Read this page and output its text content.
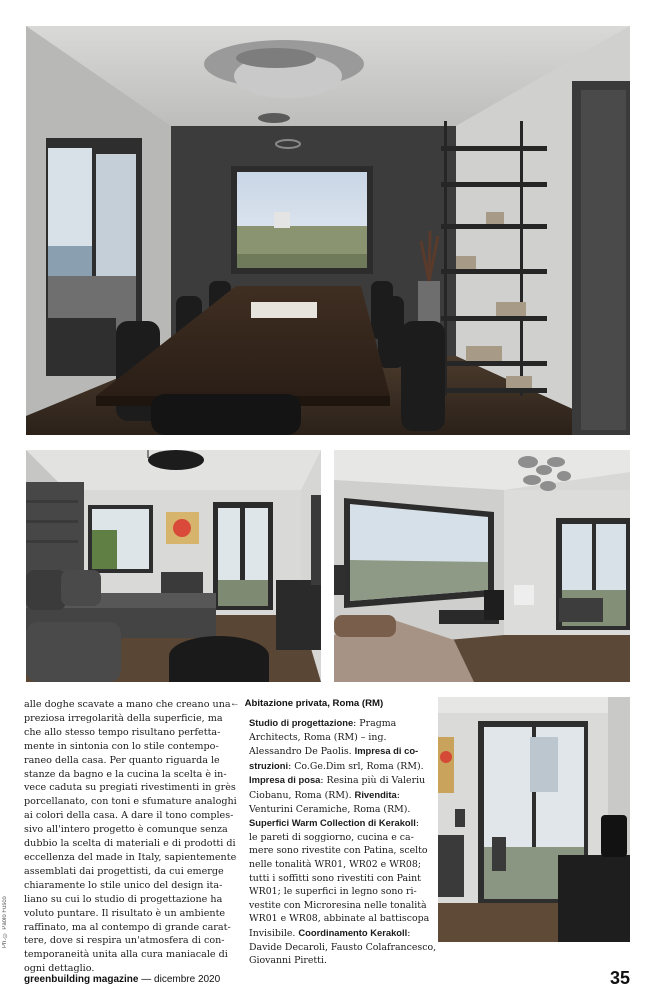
Ph. © Paolo Fusco
alle doghe scavate a mano che creano una
preziosa irregolarità della superficie, ma
che allo stesso tempo risultano perfetta-
mente in sintonia con lo stile contempo-
raneo della casa. Per quanto riguarda le
stanze da bagno e la cucina la scelta è in-
vece caduta su pregiati rivestimenti in grès
porcellanato, con toni e sfumature analoghi
ai colori della casa. A dare il tono comples-
sivo all'intero progetto è comunque senza
dubbio la scelta di materiali e di prodotti di
eccellenza del made in Italy, sapientemente
assemblati dai progettisti, da cui emerge
chiaramente lo stile unico del design ita-
liano su cui lo studio di progettazione ha
voluto puntare. Il risultato è un ambiente
raffinato, ma al contempo di grande carat-
tere, dove si respira un'atmosfera di con-
temporaneità unita alla cura maniacale di
ogni dettaglio.
← Abitazione privata, Roma (RM)
Studio di progettazione: Pragma
Architects, Roma (RM) – ing.
Alessandro De Paolis. Impresa di co-
struzioni: Co.Ge.Dim srl, Roma (RM).
Impresa di posa: Resina più di Valeriu
Ciobanu, Roma (RM). Rivendita:
Venturini Ceramiche, Roma (RM).
Superfici Warm Collection di Kerakoll:
le pareti di soggiorno, cucina e ca-
mere sono rivestite con Patina, scelto
nelle tonalità WR01, WR02 e WR08;
tutti i soffitti sono rivestiti con Paint
WR01; le superfici in legno sono ri-
vestite con Microresina nelle tonalità
WR01 e WR08, abbinate al battiscopa
Invisibile. Coordinamento Kerakoll:
Davide Decaroli, Fausto Colafrancesco,
Giovanni Piretti.
greenbuilding magazine — dicembre 2020	35
